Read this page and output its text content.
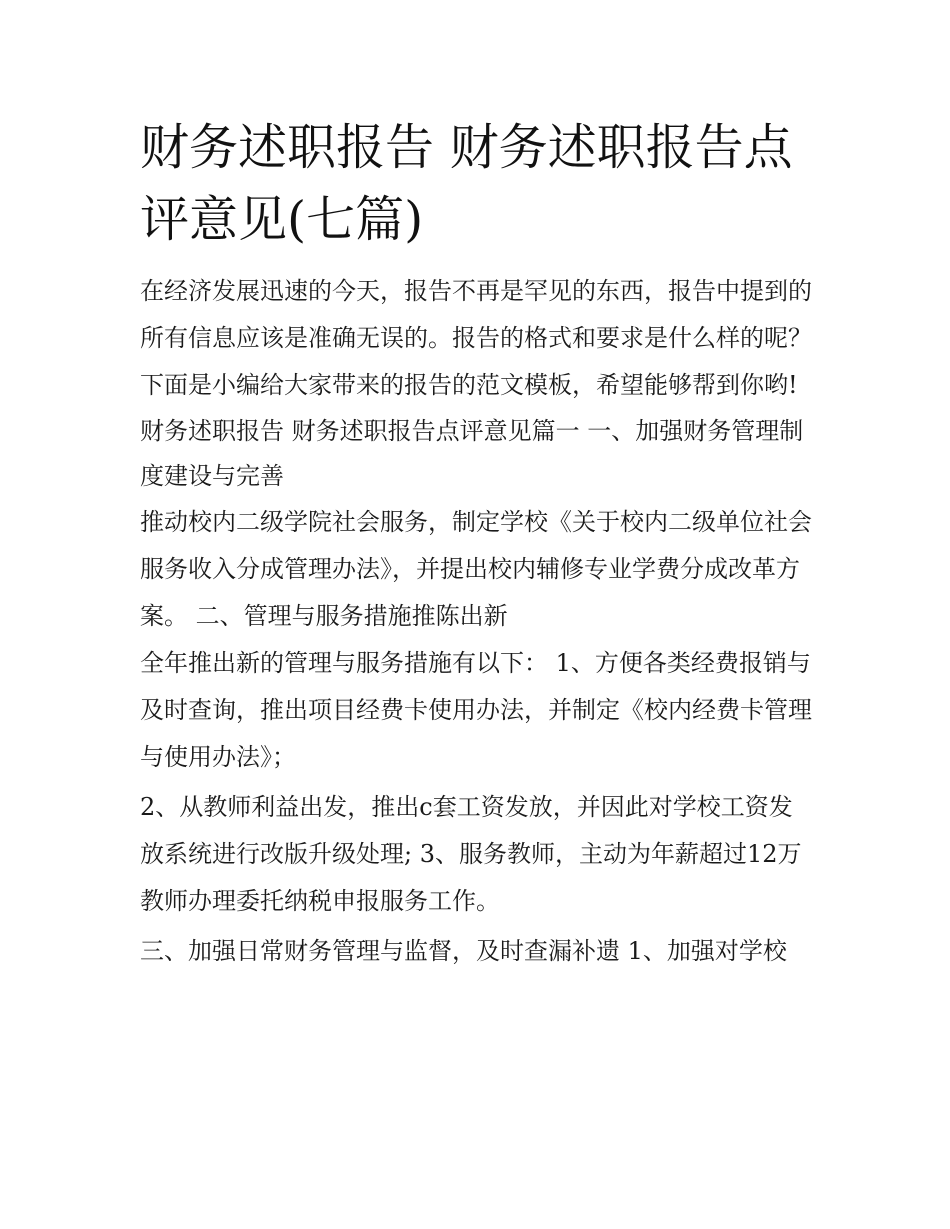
财务述职报告 财务述职报告点评意见(七篇)

在经济发展迅速的今天，报告不再是罕见的东西，报告中提到的所有信息应该是准确无误的。报告的格式和要求是什么样的呢？下面是小编给大家带来的报告的范文模板，希望能够帮到你哟!

财务述职报告 财务述职报告点评意见篇一 一、加强财务管理制度建设与完善

推动校内二级学院社会服务，制定学校《关于校内二级单位社会服务收入分成管理办法》，并提出校内辅修专业学费分成改革方案。 二、管理与服务措施推陈出新

全年推出新的管理与服务措施有以下： 1、方便各类经费报销与及时查询，推出项目经费卡使用办法，并制定《校内经费卡管理与使用办法》；

2、从教师利益出发，推出c套工资发放，并因此对学校工资发放系统进行改版升级处理; 3、服务教师，主动为年薪超过12万教师办理委托纳税申报服务工作。

三、加强日常财务管理与监督，及时查漏补遗 1、加强对学校
